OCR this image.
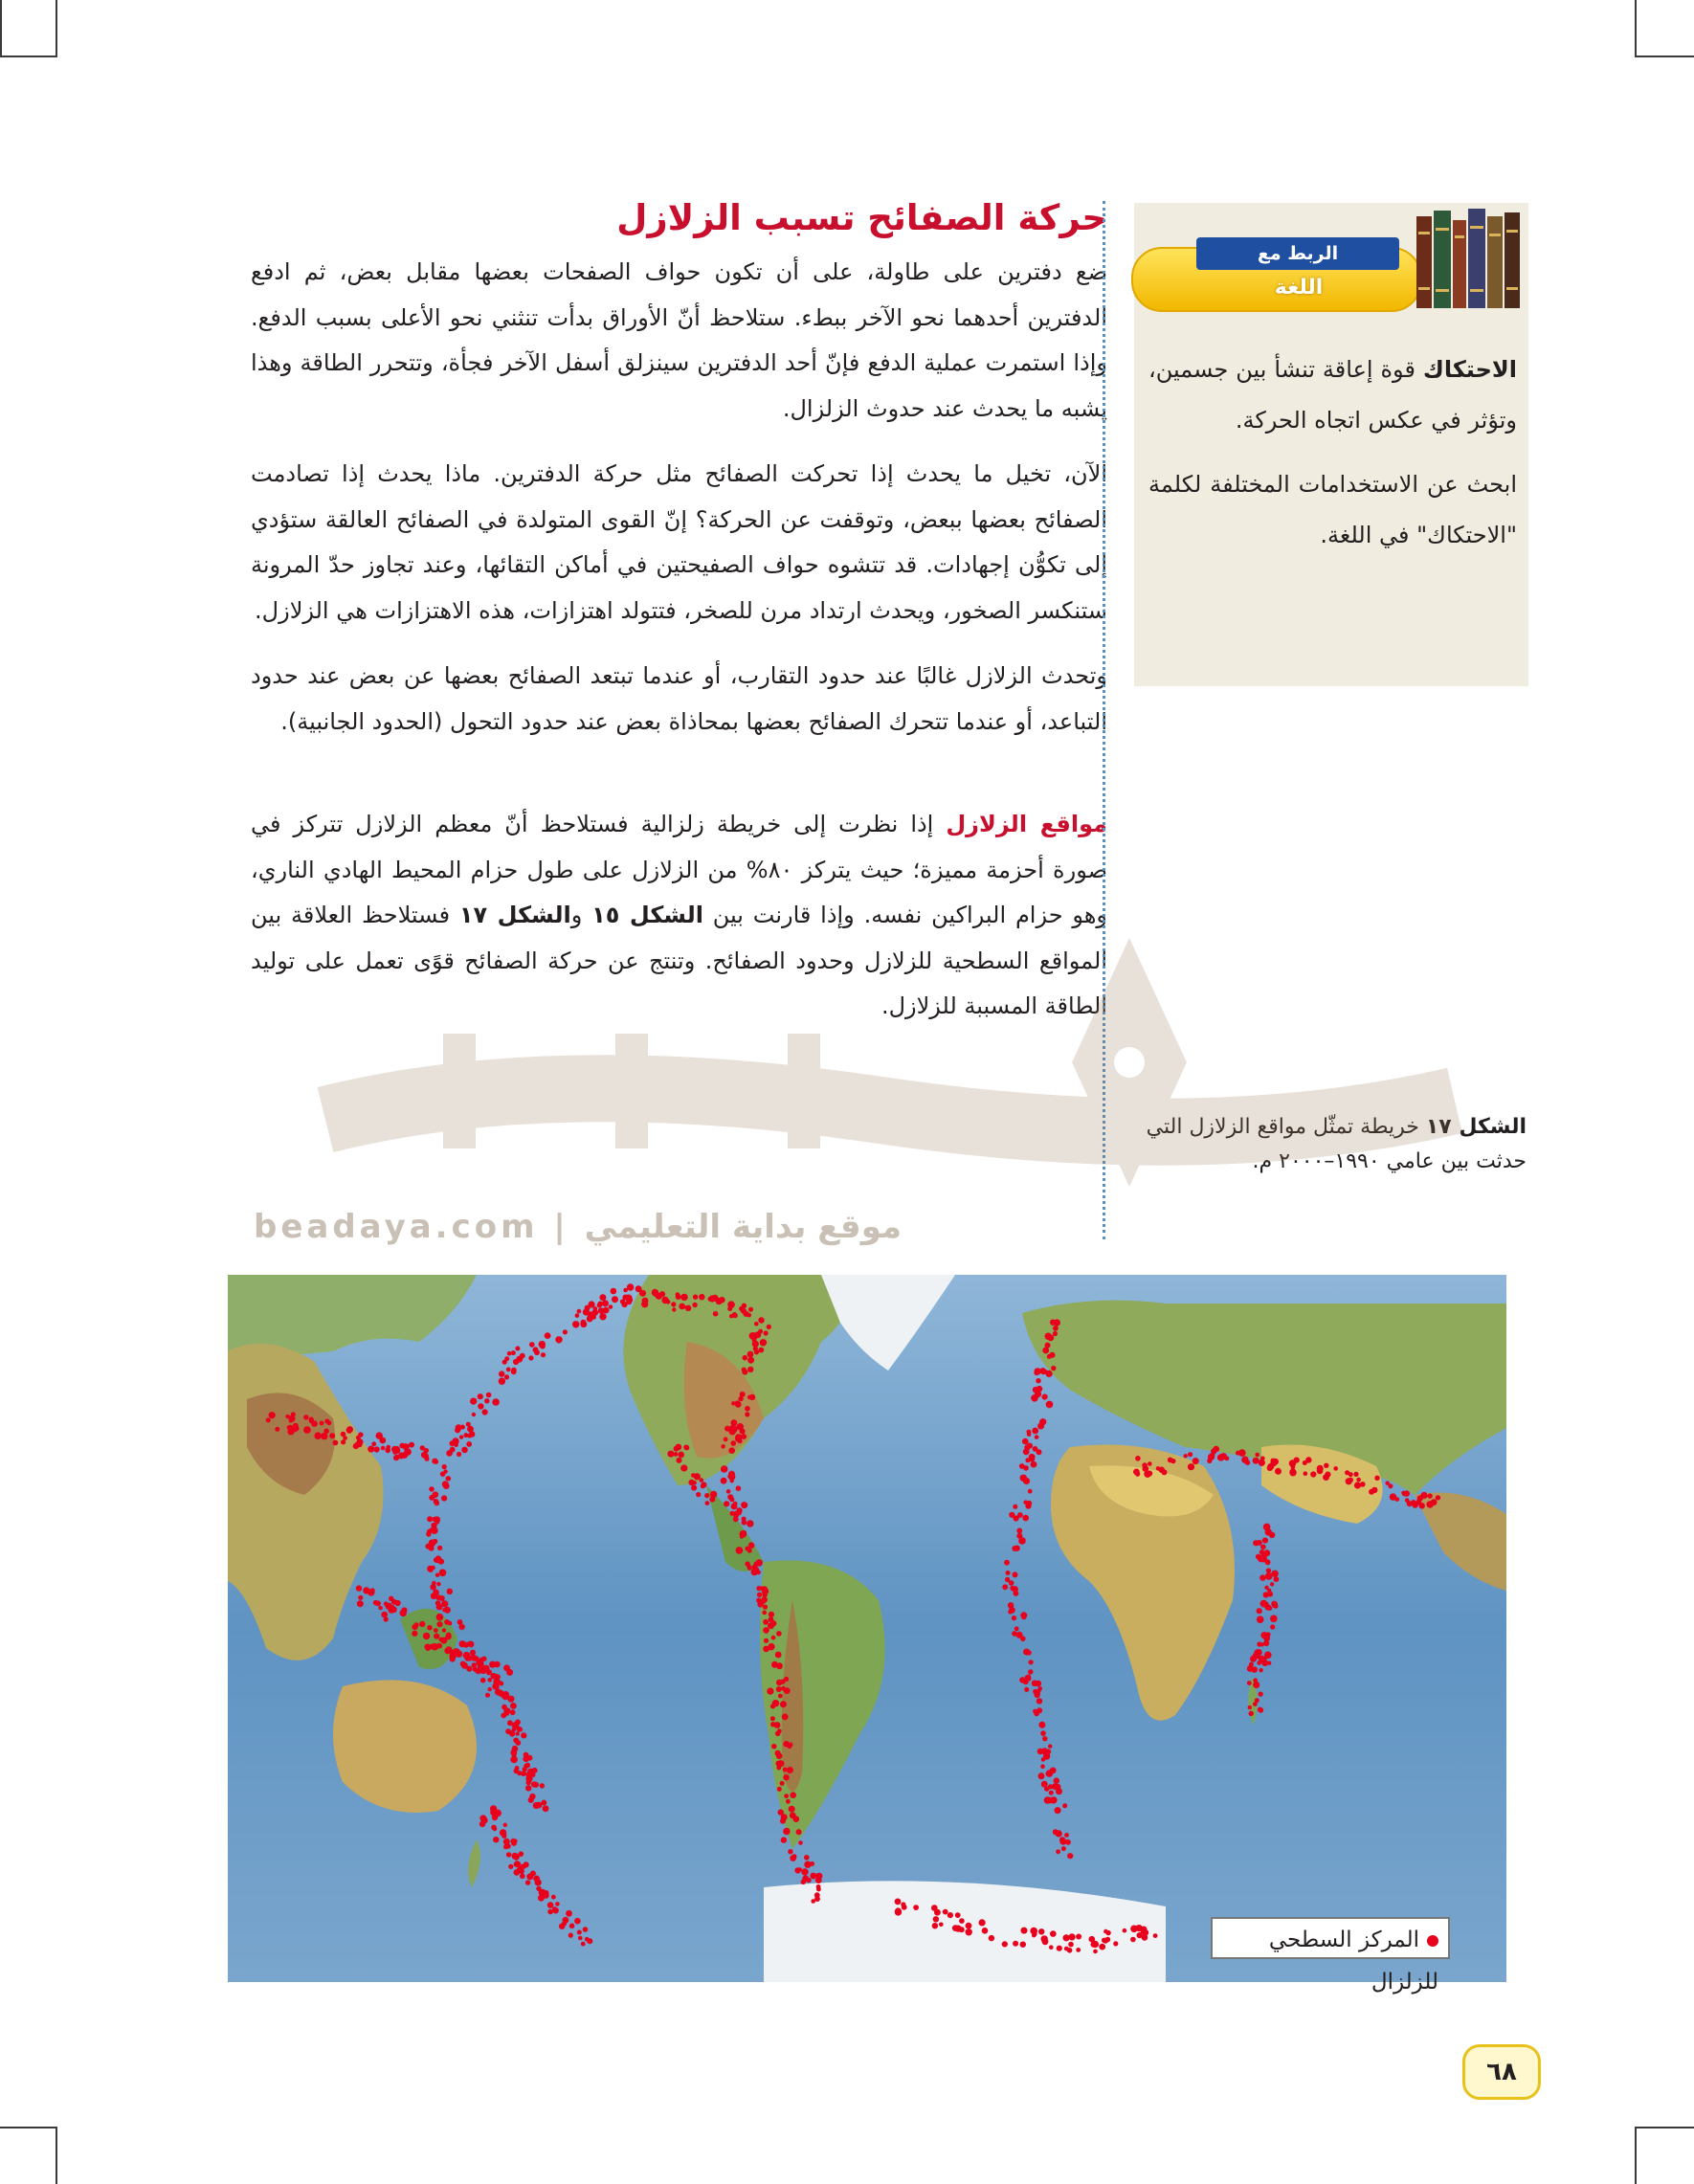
حركة الصفائح تسبب الزلازل

ضع دفترين على طاولة، على أن تكون حواف الصفحات بعضها مقابل بعض، ثم ادفع الدفترين أحدهما نحو الآخر ببطء. ستلاحظ أنّ الأوراق بدأت تنثني نحو الأعلى بسبب الدفع. وإذا استمرت عملية الدفع فإنّ أحد الدفترين سينزلق أسفل الآخر فجأة، وتتحرر الطاقة وهذا يشبه ما يحدث عند حدوث الزلزال.

الآن، تخيل ما يحدث إذا تحركت الصفائح مثل حركة الدفترين. ماذا يحدث إذا تصادمت الصفائح بعضها ببعض، وتوقفت عن الحركة؟ إنّ القوى المتولدة في الصفائح العالقة ستؤدي إلى تكوُّن إجهادات. قد تتشوه حواف الصفيحتين في أماكن التقائها، وعند تجاوز حدّ المرونة ستنكسر الصخور، ويحدث ارتداد مرن للصخر، فتتولد اهتزازات، هذه الاهتزازات هي الزلازل.

وتحدث الزلازل غالبًا عند حدود التقارب، أو عندما تبتعد الصفائح بعضها عن بعض عند حدود التباعد، أو عندما تتحرك الصفائح بعضها بمحاذاة بعض عند حدود التحول (الحدود الجانبية).

مواقع الزلازل إذا نظرت إلى خريطة زلزالية فستلاحظ أنّ معظم الزلازل تتركز في صورة أحزمة مميزة؛ حيث يتركز ٨٠% من الزلازل على طول حزام المحيط الهادي الناري، وهو حزام البراكين نفسه. وإذا قارنت بين الشكل ١٥ والشكل ١٧ فستلاحظ العلاقة بين المواقع السطحية للزلازل وحدود الصفائح. وتنتج عن حركة الصفائح قوًى تعمل على توليد الطاقة المسببة للزلازل.

الربط مع
اللغة

الاحتكاك قوة إعاقة تنشأ بين جسمين، وتؤثر في عكس اتجاه الحركة.

ابحث عن الاستخدامات المختلفة لكلمة "الاحتكاك" في اللغة.

الشكل ١٧ خريطة تمثّل مواقع الزلازل التي حدثت بين عامي ١٩٩٠–٢٠٠٠ م.
beadaya.com | موقع بداية التعليمي
المركز السطحي للزلزال
٦٨
